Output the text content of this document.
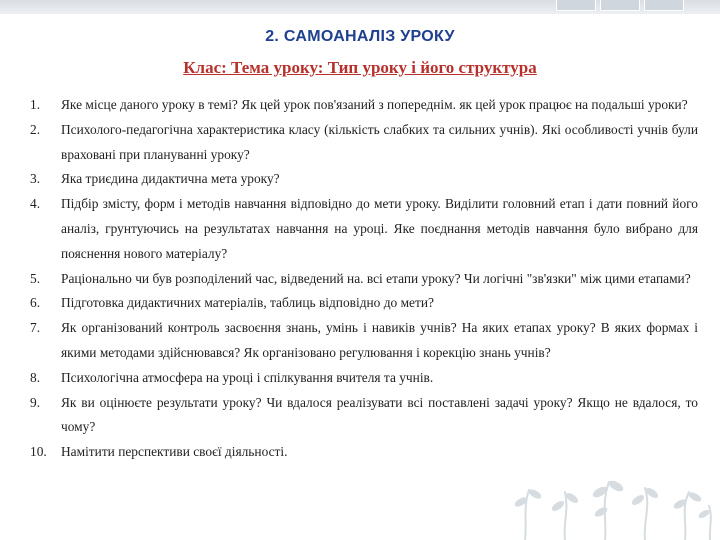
2. САМОАНАЛІЗ УРОКУ
Клас: Тема уроку: Тип уроку і його структура
1.	Яке місце даного уроку в темі? Як цей урок пов'язаний з попереднім. як цей урок працює на подальші уроки?
2.	Психолого-педагогічна характеристика класу (кількість слабких та сильних учнів). Які особливості учнів були враховані при плануванні уроку?
3.	Яка триєдина дидактична мета уроку?
4.	Підбір змісту, форм і методів навчання відповідно до мети уроку. Виділити головний етап і дати повний його аналіз, грунтуючись на результатах навчання на уроці. Яке поєднання методів навчання було вибрано для пояснення нового матеріалу?
5.	Раціонально чи був розподілений час, відведений на. всі етапи уроку? Чи логічні "зв'язки" між цими етапами?
6.	Підготовка дидактичних матеріалів, таблиць відповідно до мети?
7.	Як організований контроль засвоєння знань, умінь і навиків учнів? На яких етапах уроку? В яких формах і якими методами здійснювався? Як організовано регулювання і корекцію знань учнів?
8.	Психологічна атмосфера на уроці і спілкування вчителя та учнів.
9.	Як ви оцінюєте результати уроку? Чи вдалося реалізувати всі поставлені задачі уроку? Якщо не вдалося, то чому?
10.	Намітити перспективи своєї діяльності.
